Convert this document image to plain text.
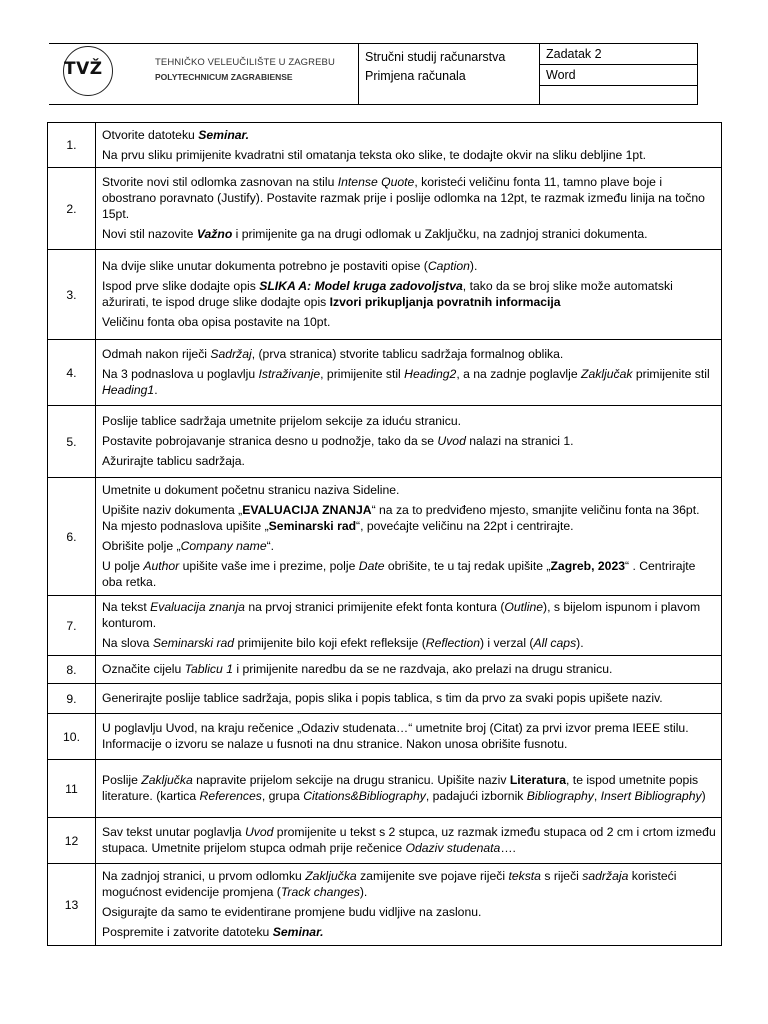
TVŽ	TEHNIČKO VELEUČILIŠTE U ZAGREBU
POLYTECHNICUM ZAGRABIENSE
Stručni studij računarstva
Primjena računala
Zadatak 2
Word
1.	Otvorite datoteku Seminar.

Na prvu sliku primijenite kvadratni stil omatanja teksta oko slike, te dodajte okvir na sliku debljine 1pt.

2.	Stvorite novi stil odlomka zasnovan na stilu Intense Quote, koristeći veličinu fonta 11, tamno plave boje i obostrano poravnato (Justify). Postavite razmak prije i poslije odlomka na 12pt, te razmak između linija na točno 15pt.

Novi stil nazovite Važno i primijenite ga na drugi odlomak u Zaključku, na zadnjoj stranici dokumenta.

3.	Na dvije slike unutar dokumenta potrebno je postaviti opise (Caption).

Ispod prve slike dodajte opis SLIKA A: Model kruga zadovoljstva, tako da se broj slike može automatski ažurirati, te ispod druge slike dodajte opis Izvori prikupljanja povratnih informacija

Veličinu fonta oba opisa postavite na 10pt.

4.	Odmah nakon riječi Sadržaj, (prva stranica) stvorite tablicu sadržaja formalnog oblika.

Na 3 podnaslova u poglavlju Istraživanje, primijenite stil Heading2, a na zadnje poglavlje Zaključak primijenite stil Heading1.

5.	Poslije tablice sadržaja umetnite prijelom sekcije za iduću stranicu.

Postavite pobrojavanje stranica desno u podnožje, tako da se Uvod nalazi na stranici 1.

Ažurirajte tablicu sadržaja.

6.	Umetnite u dokument početnu stranicu naziva Sideline.

Upišite naziv dokumenta „EVALUACIJA ZNANJA“ na za to predviđeno mjesto, smanjite veličinu fonta na 36pt. Na mjesto podnaslova upišite „Seminarski rad“, povećajte veličinu na 22pt i centrirajte.

Obrišite polje „Company name“.

U polje Author upišite vaše ime i prezime, polje Date obrišite, te u taj redak upišite „Zagreb, 2023“ . Centrirajte oba retka.

7.	Na tekst Evaluacija znanja na prvoj stranici primijenite efekt fonta kontura (Outline), s bijelom ispunom i plavom konturom.

Na slova Seminarski rad primijenite bilo koji efekt refleksije (Reflection) i verzal (All caps).

8.	Označite cijelu Tablicu 1 i primijenite naredbu da se ne razdvaja, ako prelazi na drugu stranicu.

9.	Generirajte poslije tablice sadržaja, popis slika i popis tablica, s tim da prvo za svaki popis upišete naziv.

10.	U poglavlju Uvod, na kraju rečenice „Odaziv studenata…“ umetnite broj (Citat) za prvi izvor prema IEEE stilu. Informacije o izvoru se nalaze u fusnoti na dnu stranice. Nakon unosa obrišite fusnotu.

11	Poslije Zaključka napravite prijelom sekcije na drugu stranicu. Upišite naziv Literatura, te ispod umetnite popis literature. (kartica References, grupa Citations&Bibliography, padajući izbornik Bibliography, Insert Bibliography)

12	Sav tekst unutar poglavlja Uvod promijenite u tekst s 2 stupca, uz razmak između stupaca od 2 cm i crtom između stupaca. Umetnite prijelom stupca odmah prije rečenice Odaziv studenata….

13	Na zadnjoj stranici, u prvom odlomku Zaključka zamijenite sve pojave riječi teksta s riječi sadržaja koristeći mogućnost evidencije promjena (Track changes).

Osigurajte da samo te evidentirane promjene budu vidljive na zaslonu.

Pospremite i zatvorite datoteku Seminar.
